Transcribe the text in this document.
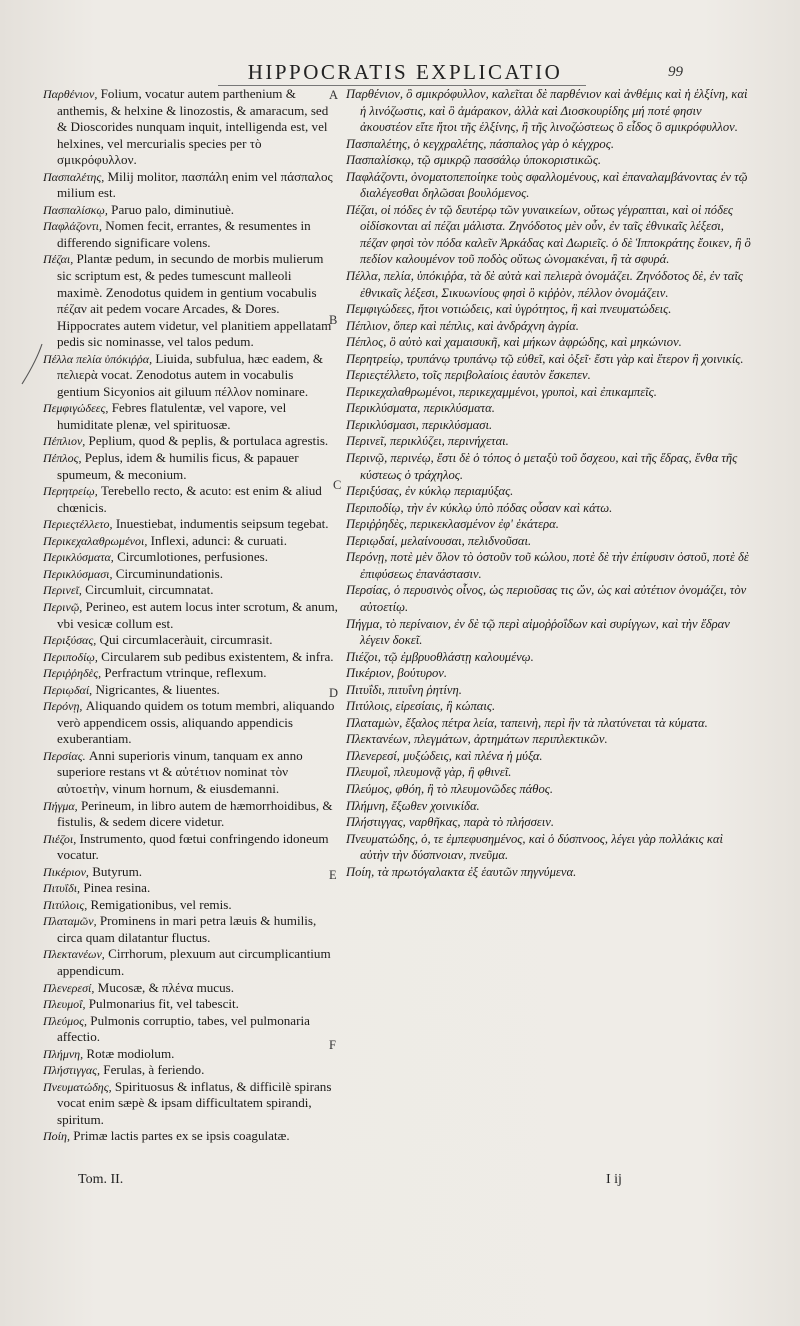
HIPPOCRATIS EXPLICATIO	99

Παρθένιον, Folium, vocatur autem parthenium & anthemis, & helxine & linozostis, & amaracum, sed & Dioscorides nunquam inquit, intelligenda est, vel helxines, vel mercurialis species per τὸ σμικρόφυλλον.

Πασπαλέτης, Milij molitor, πασπάλη enim vel πάσπαλος milium est.

Πασπαλίσκῳ, Paruo palo, diminutiuè.

Παφλάζοντι, Nomen fecit, errantes, & resumentes in differendo significare volens.

Πέζαι, Plantæ pedum, in secundo de morbis mulierum sic scriptum est, & pedes tumescunt malleoli maximè. Zenodotus quidem in gentium vocabulis πέζαν ait pedem vocare Arcades, & Dores. Hippocrates autem videtur, vel planitiem appellatam pedis sic nominasse, vel talos pedum.

Πέλλα πελία ὑπόκιῤῥα, Liuida, subfulua, hæc eadem, & πελιερὰ vocat. Zenodotus autem in vocabulis gentium Sicyonios ait giluum πέλλον nominare.

Πεμφιγώδεες, Febres flatulentæ, vel vapore, vel humiditate plenæ, vel spirituosæ.

Πέπλιον, Peplium, quod & peplis, & portulaca agrestis.

Πέπλος, Peplus, idem & humilis ficus, & papauer spumeum, & meconium.

Περητρείῳ, Terebello recto, & acuto: est enim & aliud chœnicis.

Περιεςτέλλετο, Inuestiebat, indumentis seipsum tegebat.

Περικεχαλαθρωμένοι, Inflexi, adunci: & curuati.

Περικλύσματα, Circumlotiones, perfusiones.

Περικλύσμασι, Circuminundationis.

Περινεῖ, Circumluit, circumnatat.

Περινῷ, Perineo, est autem locus inter scrotum, & anum, vbi vesicæ collum est.

Περιξύσας, Qui circumlaceràuit, circumrasit.

Περιποδίῳ, Circularem sub pedibus existentem, & infra.

Περιῤῥηδὲς, Perfractum vtrinque, reflexum.

Περιῳδαί, Nigricantes, & liuentes.

Περόνῃ, Aliquando quidem os totum membri, aliquando verò appendicem ossis, aliquando appendicis exuberantiam.

Περσίας. Anni superioris vinum, tanquam ex anno superiore restans vt & αὐτέτιον nominat τὸν αὐτοετὴν, vinum hornum, & eiusdemanni.

Πήγμα, Perineum, in libro autem de hæmorrhoidibus, & fistulis, & sedem dicere videtur.

Πιέζοι, Instrumento, quod fœtui confringendo idoneum vocatur.

Πικέριον, Butyrum.

Πιτυΐδι, Pinea resina.

Πιτύλοις, Remigationibus, vel remis.

Πλαταμῶν, Prominens in mari petra læuis & humilis, circa quam dilatantur fluctus.

Πλεκτανέων, Cirrhorum, plexuum aut circumplicantium appendicum.

Πλενερεσί, Mucosæ, & πλένα mucus.

Πλευμοΐ, Pulmonarius fit, vel tabescit.

Πλεύμος, Pulmonis corruptio, tabes, vel pulmonaria affectio.

Πλήμνη, Rotæ modiolum.

Πλήστιγγας, Ferulas, à feriendo.

Πνευματώδης, Spirituosus & inflatus, & difficilè spirans vocat enim sæpè & ipsam difficultatem spirandi, spiritum.

Ποίη, Primæ lactis partes ex se ipsis coagulatæ.

Παρθένιον, ὃ σμικρόφυλλον, καλεῖται δὲ παρθένιον καὶ ἀνθέμις καὶ ἡ ἑλξίνη, καὶ ἡ λινόζωστις, καὶ ὃ ἀμάρακον, ἀλλὰ καὶ Διοσκουρίδης μή ποτέ φησιν ἀκουστέον εἴτε ἤτοι τῆς ἑλξίνης, ἢ τῆς λινοζώστεως ὃ εἶδος ὃ σμικρόφυλλον.

Πασπαλέτης, ὁ κεγχραλέτης, πάσπαλος γὰρ ὁ κέγχρος.

Πασπαλίσκῳ, τῷ σμικρῷ πασσάλῳ ὑποκοριστικῶς.

Παφλάζοντι, ὀνοματοπεποίηκε τοὺς σφαλλομένους, καὶ ἐπαναλαμβάνοντας ἐν τῷ διαλέγεσθαι δηλῶσαι βουλόμενος.

Πέζαι, οἱ πόδες ἐν τῷ δευτέρῳ τῶν γυναικείων, οὕτως γέγραπται, καὶ οἱ πόδες οἰδίσκονται αἱ πέζαι μάλιστα. Ζηνόδοτος μὲν οὖν, ἐν ταῖς ἐθνικαῖς λέξεσι, πέζαν φησὶ τὸν πόδα καλεῖν Ἀρκάδας καὶ Δωριεῖς. ὁ δὲ Ἱπποκράτης ἔοικεν, ἢ ὃ πεδίον καλουμένον τοῦ ποδὸς οὕτως ὠνομακέναι, ἢ τὰ σφυρά.

Πέλλα, πελία, ὑπόκιῤῥα, τὰ δὲ αὐτὰ καὶ πελιερὰ ὀνομάζει. Ζηνόδοτος δὲ, ἐν ταῖς ἐθνικαῖς λέξεσι, Σικυωνίους φησὶ ὃ κιῤῥὸν, πέλλον ὀνομάζειν.

Πεμφιγώδεες, ἤτοι νοτιώδεις, καὶ ὑγρότητος, ἢ καὶ πνευματώδεις.

Πέπλιον, ὅπερ καὶ πέπλις, καὶ ἀνδράχνη ἀγρία.

Πέπλος, ὃ αὐτὸ καὶ χαμαισυκῆ, καὶ μήκων ἀφρώδης, καὶ μηκώνιον.

Περητρείῳ, τρυπάνῳ τρυπάνῳ τῷ εὐθεῖ, καὶ ὀξεῖ· ἔστι γὰρ καὶ ἕτερον ἢ χοινικίς.

Περιεςτέλλετο, τοῖς περιβολαίοις ἑαυτὸν ἔσκεπεν.

Περικεχαλαθρωμένοι, περικεχαμμένοι, γρυποὶ, καὶ ἐπικαμπεῖς.

Περικλύσματα, περικλύσματα.

Περικλύσμασι, περικλύσμασι.

Περινεῖ, περικλύζει, περινήχεται.

Περινῷ, περινέῳ, ἔστι δὲ ὁ τόπος ὁ μεταξὺ τοῦ ὄσχεου, καὶ τῆς ἕδρας, ἔνθα τῆς κύστεως ὁ τράχηλος.

Περιξύσας, ἐν κύκλῳ περιαμύξας.

Περιποδίῳ, τὴν ἐν κύκλῳ ὑπὸ πόδας οὖσαν καὶ κάτω.

Περιῤῥηδὲς, περικεκλασμένον ἐφ' ἑκάτερα.

Περιῳδαί, μελαίνουσαι, πελιδνοῦσαι.

Περόνῃ, ποτὲ μὲν ὅλον τὸ ὀστοῦν τοῦ κώλου, ποτὲ δὲ τὴν ἐπίφυσιν ὀστοῦ, ποτὲ δὲ ἐπιφύσεως ἐπανάστασιν.

Περσίας, ὁ περυσινὸς οἶνος, ὡς περιοῦσας τις ὤν, ὡς καὶ αὐτέτιον ὀνομάζει, τὸν αὐτοετίῳ.

Πήγμα, τὸ περίναιον, ἐν δὲ τῷ περὶ αἱμοῤῥοΐδων καὶ συρίγγων, καὶ τὴν ἕδραν λέγειν δοκεῖ.

Πιέζοι, τῷ ἐμβρυοθλάστῃ καλουμένῳ.

Πικέριον, βούτυρον.

Πιτυΐδι, πιτυΐνη ῥητίνη.

Πιτύλοις, εἰρεσίαις, ἢ κώπαις.

Πλαταμὼν, ἔξαλος πέτρα λεία, ταπεινὴ, περὶ ἣν τὰ πλατύνεται τὰ κύματα.

Πλεκτανέων, πλεγμάτων, ἀρτημάτων περιπλεκτικῶν.

Πλενερεσί, μυξώδεις, καὶ πλένα ἡ μύξα.

Πλευμοΐ, πλευμονᾷ γὰρ, ἢ φθινεῖ.

Πλεύμος, φθόη, ἢ τὸ πλευμονῶδες πάθος.

Πλήμνη, ἔξωθεν χοινικίδα.

Πλήστιγγας, ναρθῆκας, παρὰ τὸ πλήσσειν.

Πνευματώδης, ὁ, τε ἐμπεφυσημένος, καὶ ὁ δύσπνοος, λέγει γὰρ πολλάκις καὶ αὐτὴν τὴν δύσπνοιαν, πνεῦμα.

Ποίη, τὰ πρωτόγαλακτα ἐξ ἑαυτῶν πηγνύμενα.

A
B
C
D
E
F
Tom. II.	I ij
